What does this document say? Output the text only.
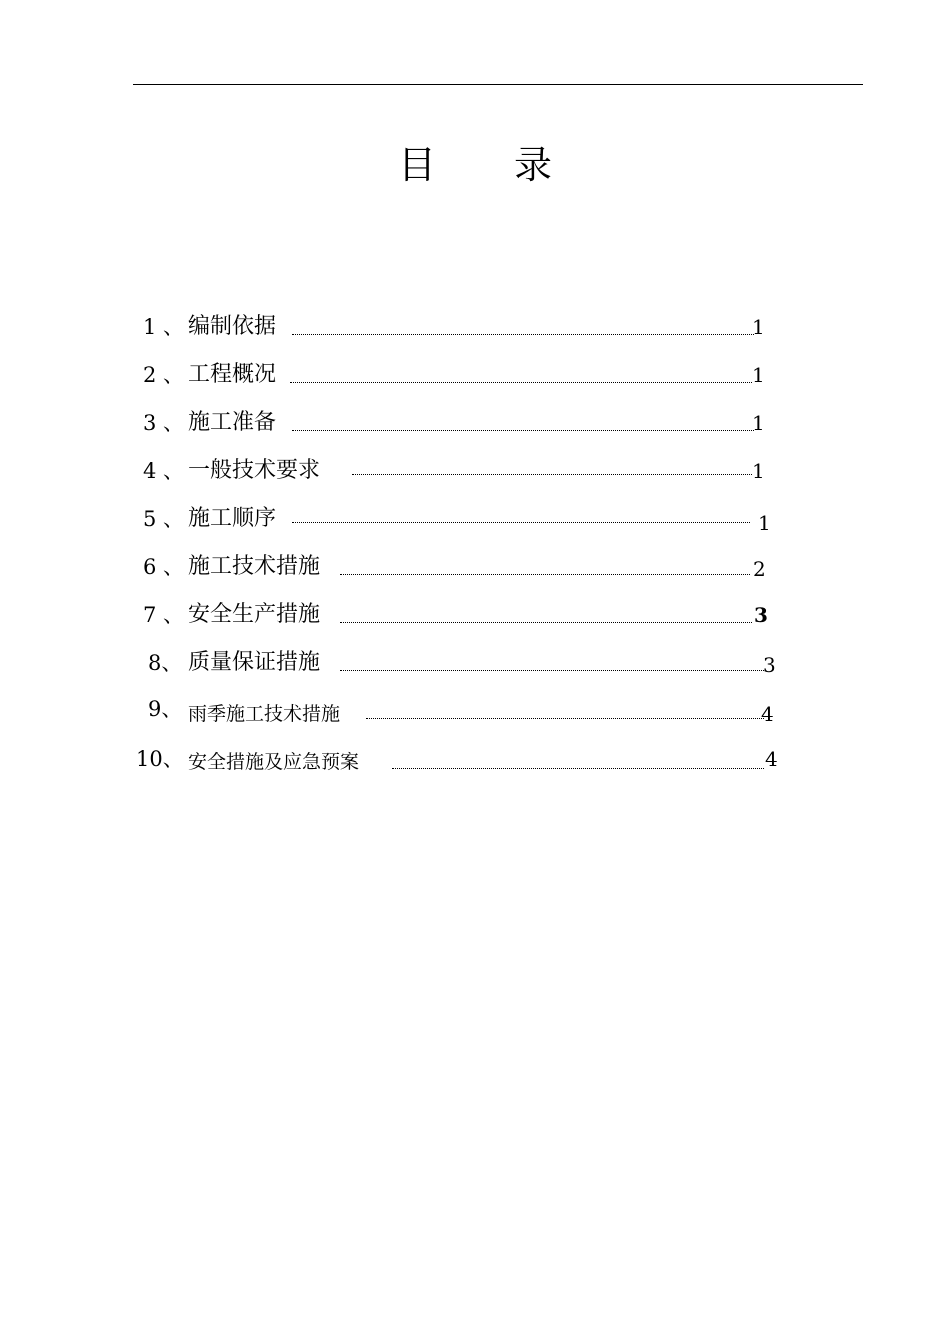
目 录
1 、 编制依据	1
2 、 工程概况	1
3 、 施工准备	1
4 、 一般技术要求	1
5 、 施工顺序	1
6 、 施工技术措施	2
7 、 安全生产措施	3
8、 质量保证措施	3
9、 雨季施工技术措施	4
10、 安全措施及应急预案	4
